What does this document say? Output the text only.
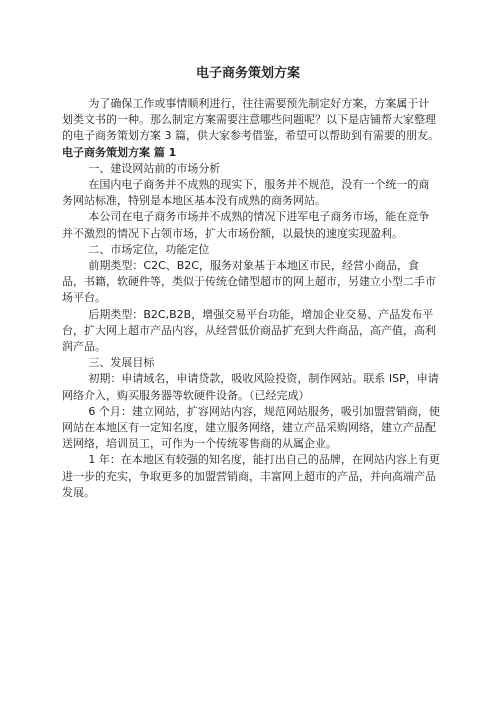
电子商务策划方案

为了确保工作或事情顺利进行，往往需要预先制定好方案，方案属于计划类文书的一种。那么制定方案需要注意哪些问题呢？以下是店铺帮大家整理的电子商务策划方案 3 篇，供大家参考借鉴，希望可以帮助到有需要的朋友。

电子商务策划方案 篇 1

一、建设网站前的市场分析

在国内电子商务并不成熟的现实下，服务并不规范，没有一个统一的商务网站标准，特别是本地区基本没有成熟的商务网站。

本公司在电子商务市场并不成熟的情况下进军电子商务市场，能在竞争并不激烈的情况下占领市场，扩大市场份额，以最快的速度实现盈利。

二、市场定位，功能定位

前期类型：C2C、B2C，服务对象基于本地区市民，经营小商品，食品，书籍，软硬件等，类似于传统仓储型超市的网上超市，另建立小型二手市场平台。

后期类型：B2C,B2B，增强交易平台功能，增加企业交易、产品发布平台，扩大网上超市产品内容，从经营低价商品扩充到大件商品，高产值，高利润产品。

三、发展目标

初期：申请域名，申请贷款，吸收风险投资，制作网站。联系 ISP，申请网络介入，购买服务器等软硬件设备。（已经完成）

6 个月：建立网站，扩容网站内容，规范网站服务，吸引加盟营销商，使网站在本地区有一定知名度，建立服务网络，建立产品采购网络，建立产品配送网络，培训员工，可作为一个传统零售商的从属企业。

1 年：在本地区有较强的知名度，能打出自己的品牌，在网站内容上有更进一步的充实，争取更多的加盟营销商，丰富网上超市的产品，并向高端产品发展。
